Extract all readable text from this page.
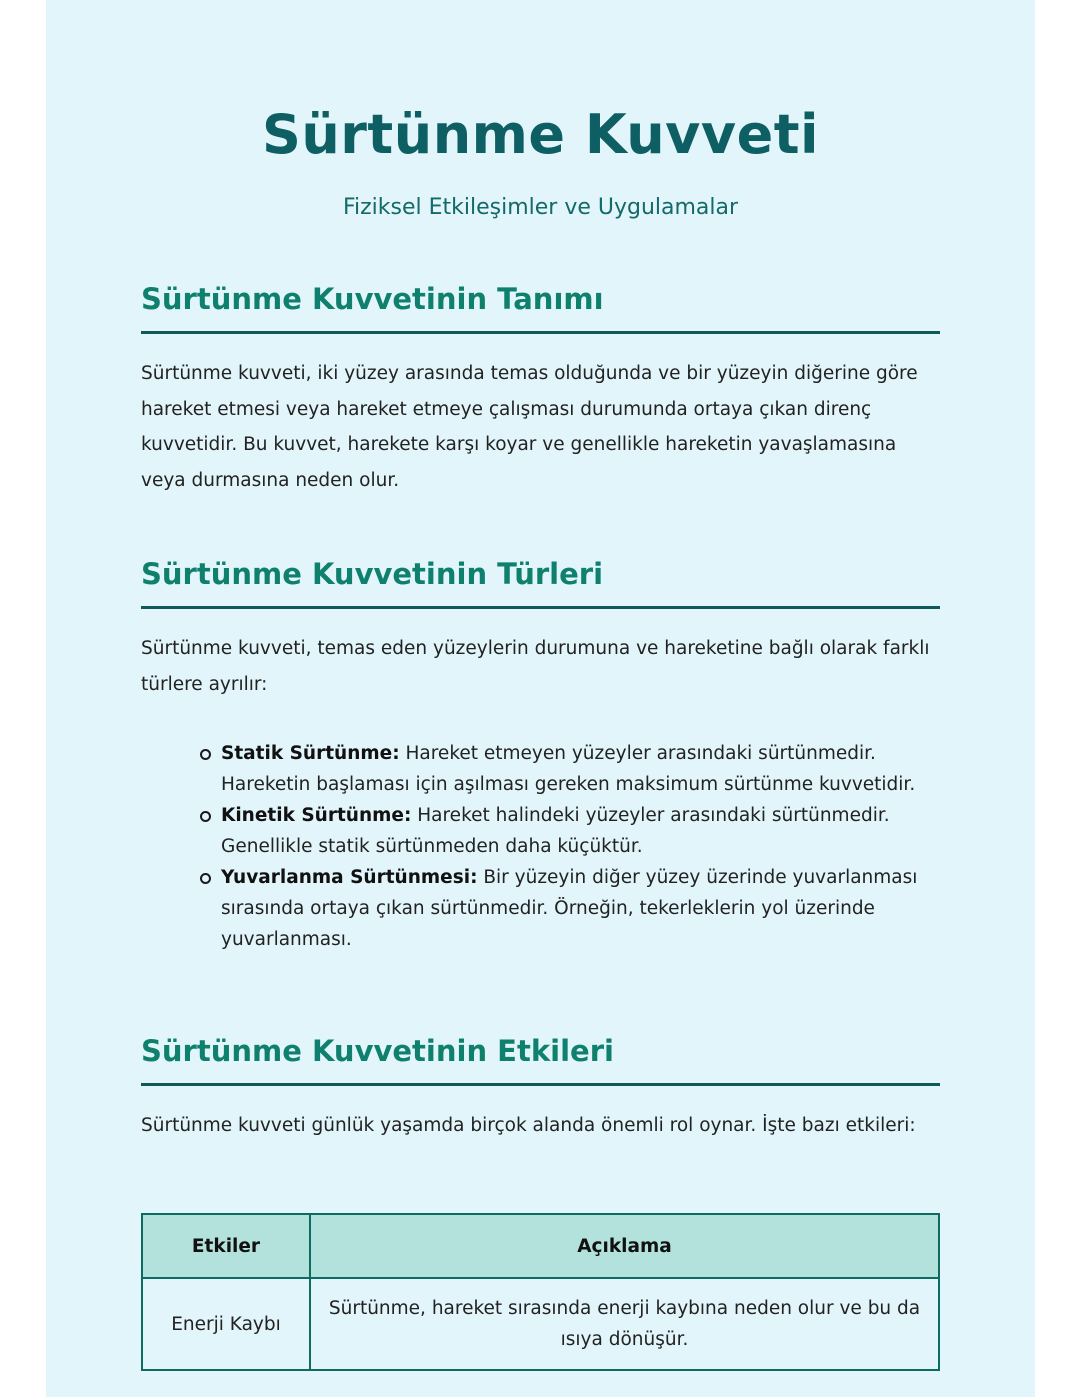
Sürtünme Kuvveti

Fiziksel Etkileşimler ve Uygulamalar

Sürtünme Kuvvetinin Tanımı

Sürtünme kuvveti, iki yüzey arasında temas olduğunda ve bir yüzeyin diğerine göre hareket etmesi veya hareket etmeye çalışması durumunda ortaya çıkan direnç kuvvetidir. Bu kuvvet, harekete karşı koyar ve genellikle hareketin yavaşlamasına veya durmasına neden olur.

Sürtünme Kuvvetinin Türleri

Sürtünme kuvveti, temas eden yüzeylerin durumuna ve hareketine bağlı olarak farklı türlere ayrılır:

Statik Sürtünme: Hareket etmeyen yüzeyler arasındaki sürtünmedir. Hareketin başlaması için aşılması gereken maksimum sürtünme kuvvetidir.
Kinetik Sürtünme: Hareket halindeki yüzeyler arasındaki sürtünmedir. Genellikle statik sürtünmeden daha küçüktür.
Yuvarlanma Sürtünmesi: Bir yüzeyin diğer yüzey üzerinde yuvarlanması sırasında ortaya çıkan sürtünmedir. Örneğin, tekerleklerin yol üzerinde yuvarlanması.
Sürtünme Kuvvetinin Etkileri

Sürtünme kuvveti günlük yaşamda birçok alanda önemli rol oynar. İşte bazı etkileri:

Etkiler	Açıklama
Enerji Kaybı	Sürtünme, hareket sırasında enerji kaybına neden olur ve bu da ısıya dönüşür.
